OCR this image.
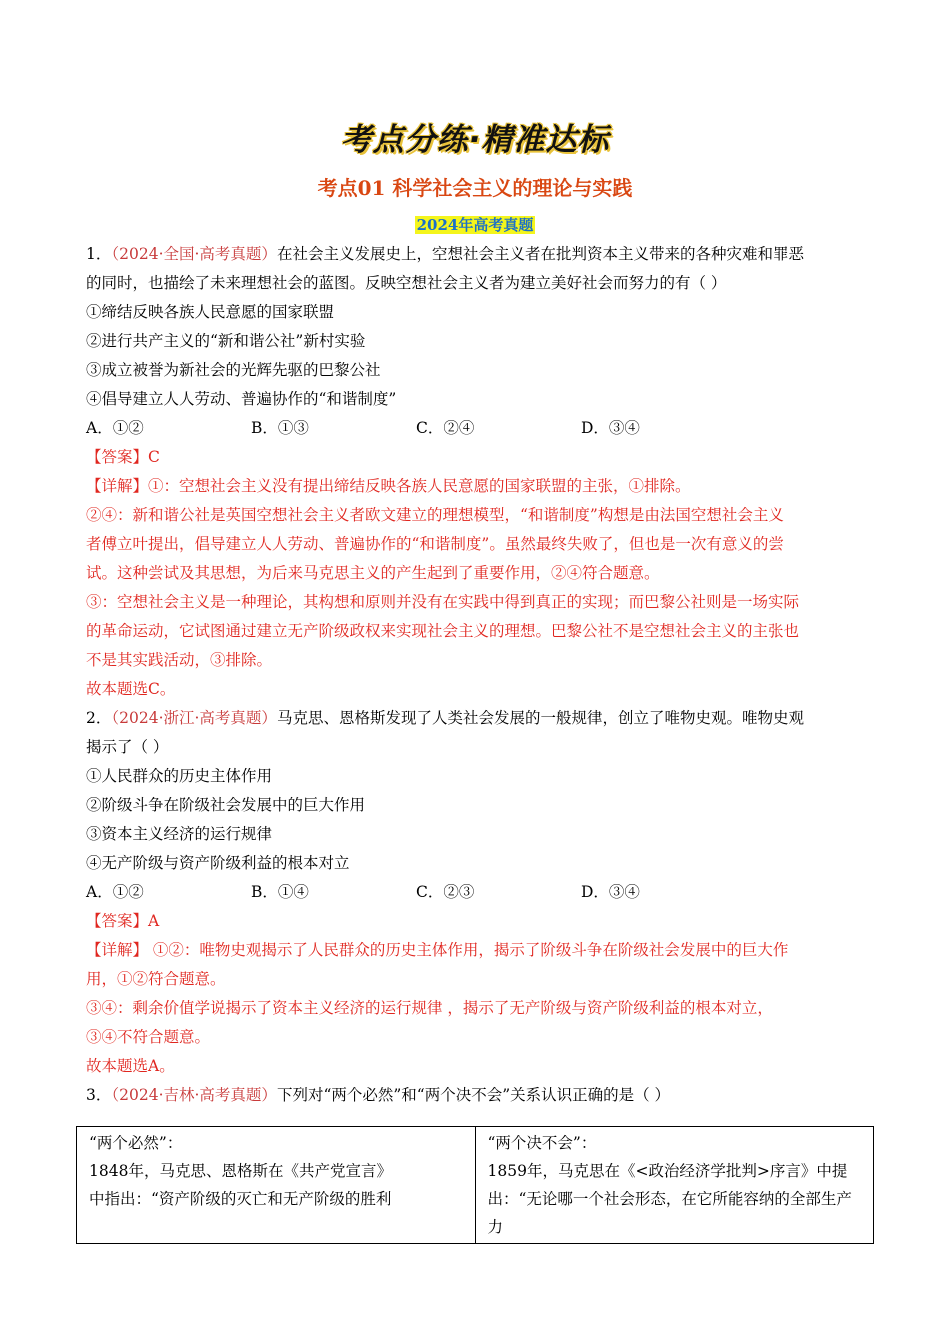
考点分练·精准达标
考点01 科学社会主义的理论与实践
2024年高考真题

1．（2024·全国·高考真题）在社会主义发展史上，空想社会主义者在批判资本主义带来的各种灾难和罪恶

的同时，也描绘了未来理想社会的蓝图。反映空想社会主义者为建立美好社会而努力的有（ ）

①缔结反映各族人民意愿的国家联盟

②进行共产主义的“新和谐公社”新村实验

③成立被誉为新社会的光辉先驱的巴黎公社

④倡导建立人人劳动、普遍协作的“和谐制度”

A．①②	B．①③	C．②④	D．③④

【答案】C

【详解】①：空想社会主义没有提出缔结反映各族人民意愿的国家联盟的主张，①排除。

②④：新和谐公社是英国空想社会主义者欧文建立的理想模型，“和谐制度”构想是由法国空想社会主义

者傅立叶提出，倡导建立人人劳动、普遍协作的“和谐制度”。虽然最终失败了，但也是一次有意义的尝

试。这种尝试及其思想，为后来马克思主义的产生起到了重要作用，②④符合题意。

③：空想社会主义是一种理论，其构想和原则并没有在实践中得到真正的实现；而巴黎公社则是一场实际

的革命运动，它试图通过建立无产阶级政权来实现社会主义的理想。巴黎公社不是空想社会主义的主张也

不是其实践活动，③排除。

故本题选C。

2．（2024·浙江·高考真题）马克思、恩格斯发现了人类社会发展的一般规律，创立了唯物史观。唯物史观

揭示了（ ）

①人民群众的历史主体作用

②阶级斗争在阶级社会发展中的巨大作用

③资本主义经济的运行规律

④无产阶级与资产阶级利益的根本对立

A．①②	B．①④	C．②③	D．③④

【答案】A

【详解】 ①②：唯物史观揭示了人民群众的历史主体作用，揭示了阶级斗争在阶级社会发展中的巨大作

用，①②符合题意。

③④：剩余价值学说揭示了资本主义经济的运行规律 ，揭示了无产阶级与资产阶级利益的根本对立，

③④不符合题意。

故本题选A。

3．（2024·吉林·高考真题）下列对“两个必然”和“两个决不会”关系认识正确的是（ ）

“两个必然”：
1848年，马克思、恩格斯在《共产党宣言》
中指出：“资产阶级的灭亡和无产阶级的胜利

“两个决不会”：
1859年，马克思在《<政治经济学批判>序言》中提
出：“无论哪一个社会形态，在它所能容纳的全部生产力
